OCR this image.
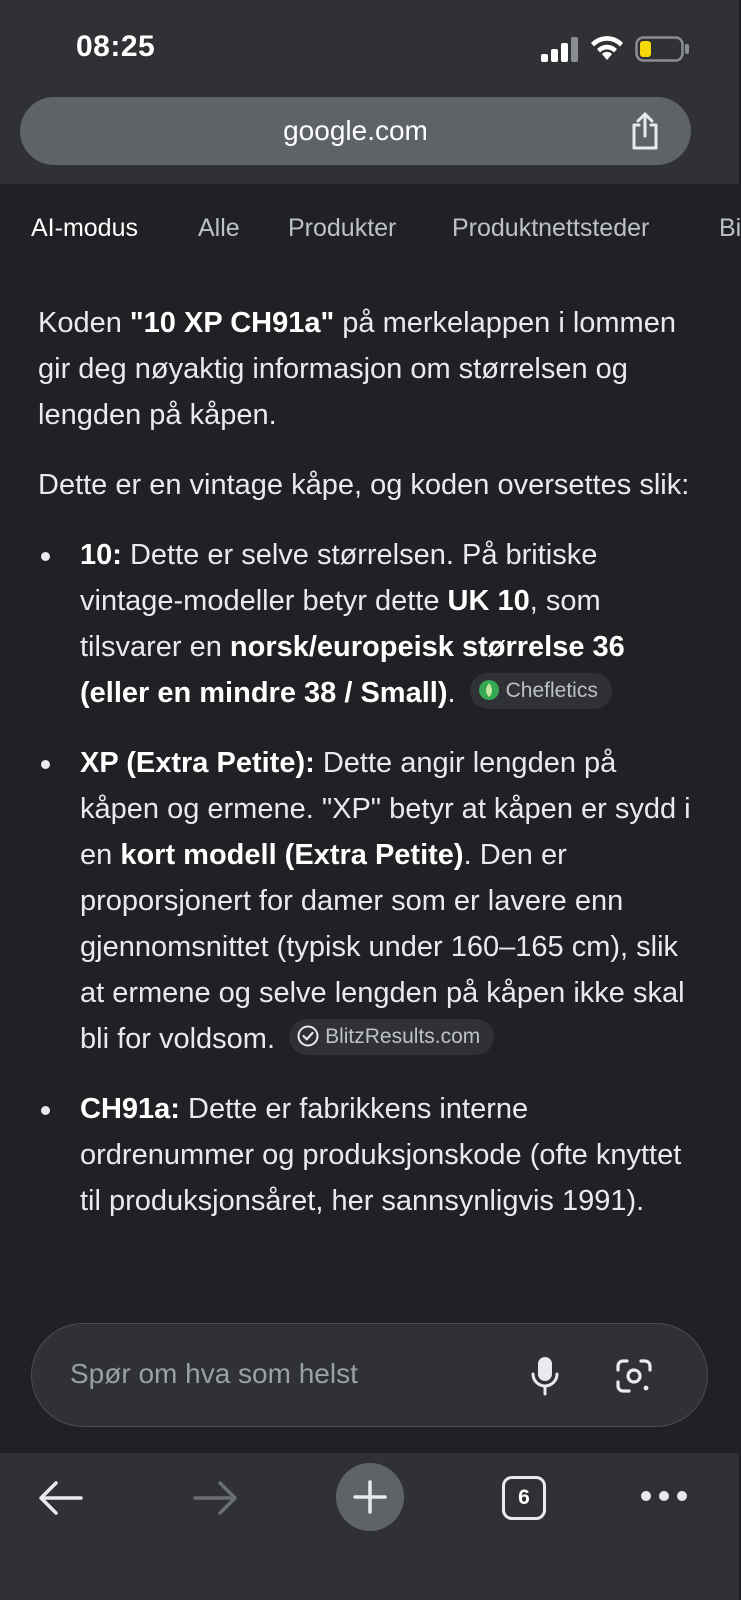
08:25
google.com
AI-modus Alle Produkter Produktnettsteder	Bi

Koden "10 XP CH91a" på merkelappen i lommen gir deg nøyaktig informasjon om størrelsen og lengden på kåpen.

Dette er en vintage kåpe, og koden oversettes slik:

10: Dette er selve størrelsen. På britiske vintage-modeller betyr dette UK 10, som tilsvarer en norsk/europeisk størrelse 36 (eller en mindre 38 / Small). Chefletics
XP (Extra Petite): Dette angir lengden på kåpen og ermene. "XP" betyr at kåpen er sydd i en kort modell (Extra Petite). Den er proporsjonert for damer som er lavere enn gjennomsnittet (typisk under 160–165 cm), slik at ermene og selve lengden på kåpen ikke skal bli for voldsom. BlitzResults.com
CH91a: Dette er fabrikkens interne ordrenummer og produksjonskode (ofte knyttet til produksjonsåret, her sannsynligvis 1991).
Spør om hva som helst
6
